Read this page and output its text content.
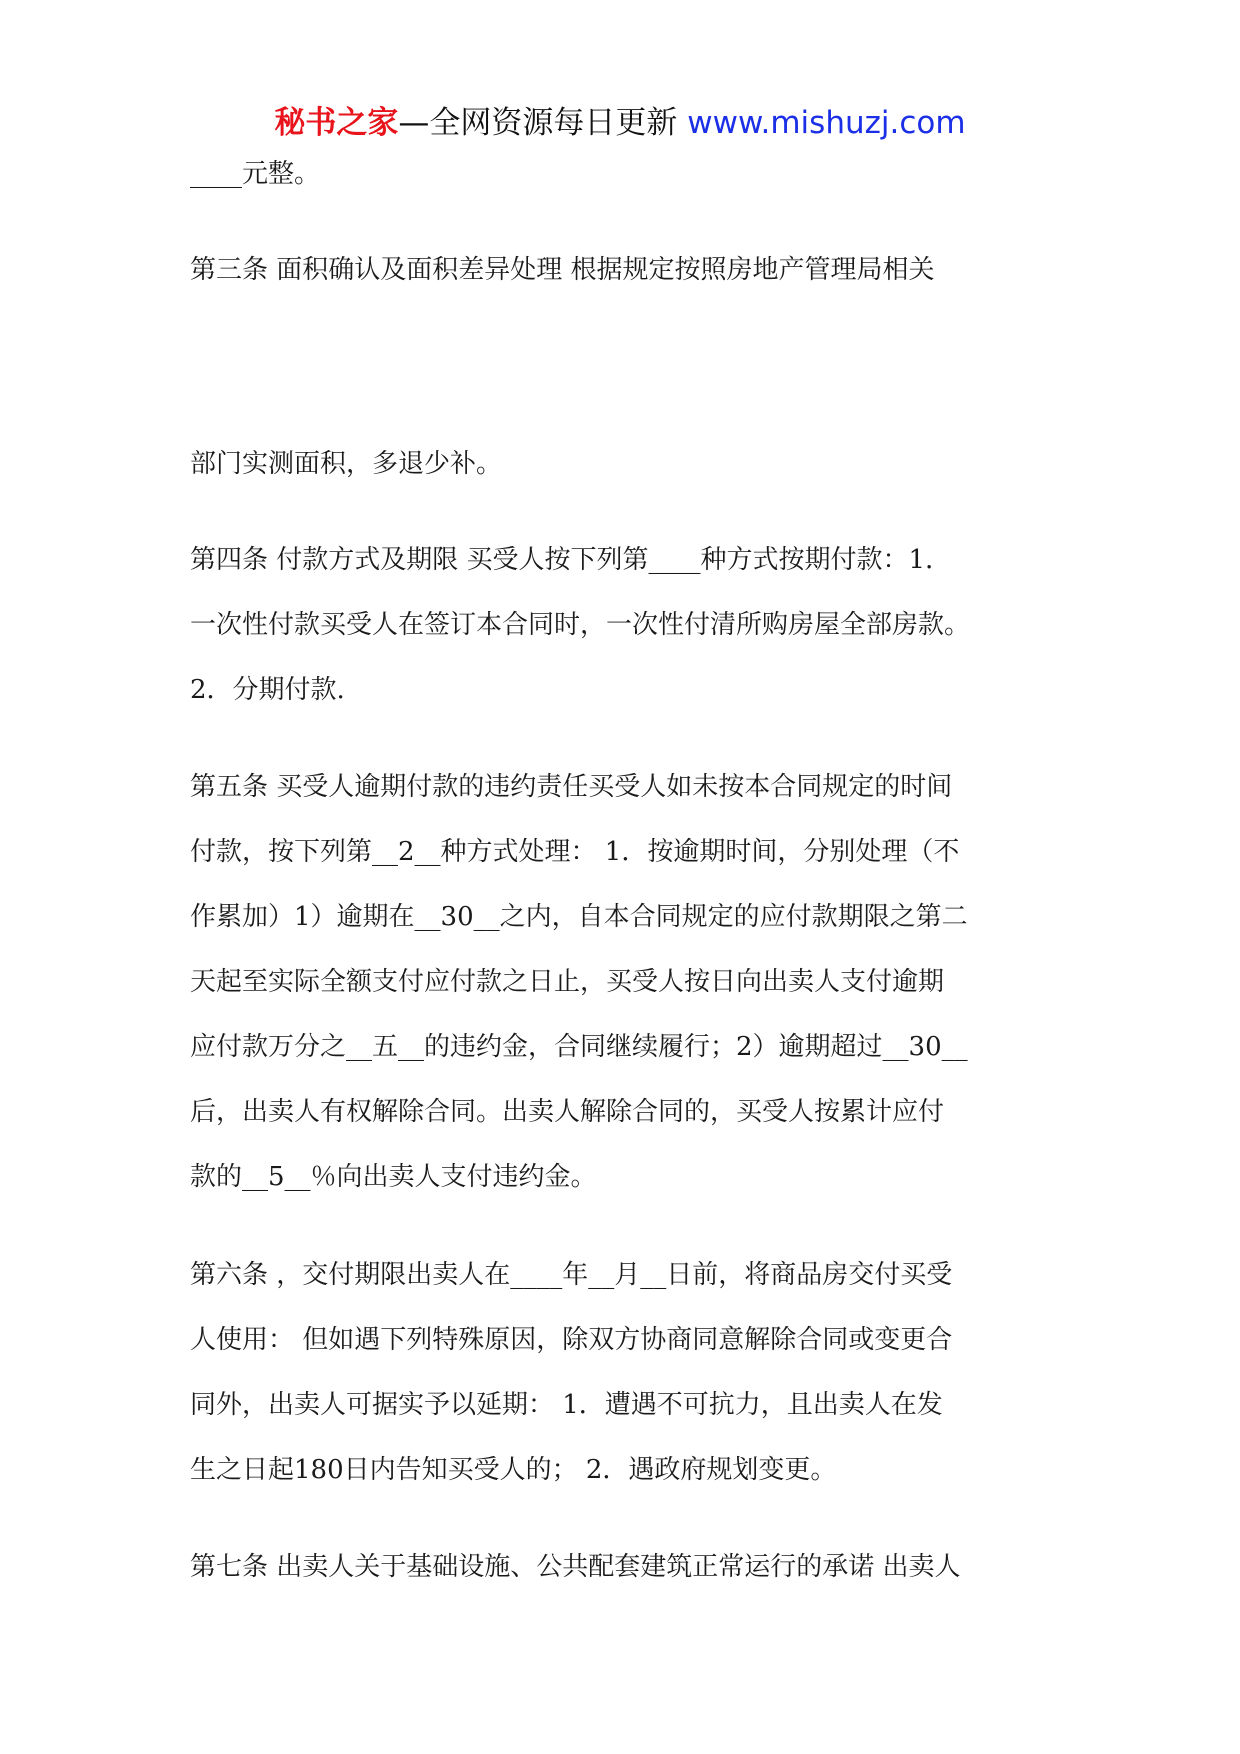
秘书之家—全网资源每日更新 www.mishuzj.com
____元整。
第三条 面积确认及面积差异处理 根据规定按照房地产管理局相关
部门实测面积，多退少补。
第四条 付款方式及期限 买受人按下列第____种方式按期付款：1．
一次性付款买受人在签订本合同时，一次性付清所购房屋全部房款。
2．分期付款.
第五条 买受人逾期付款的违约责任买受人如未按本合同规定的时间
付款，按下列第__2__种方式处理： 1．按逾期时间，分别处理（不
作累加）1）逾期在__30__之内，自本合同规定的应付款期限之第二
天起至实际全额支付应付款之日止，买受人按日向出卖人支付逾期
应付款万分之__五__的违约金，合同继续履行；2）逾期超过__30__
后，出卖人有权解除合同。出卖人解除合同的，买受人按累计应付
款的__5__％向出卖人支付违约金。
第六条 ，交付期限出卖人在____年__月__日前，将商品房交付买受
人使用： 但如遇下列特殊原因，除双方协商同意解除合同或变更合
同外，出卖人可据实予以延期： 1．遭遇不可抗力，且出卖人在发
生之日起180日内告知买受人的； 2．遇政府规划变更。
第七条 出卖人关于基础设施、公共配套建筑正常运行的承诺 出卖人
